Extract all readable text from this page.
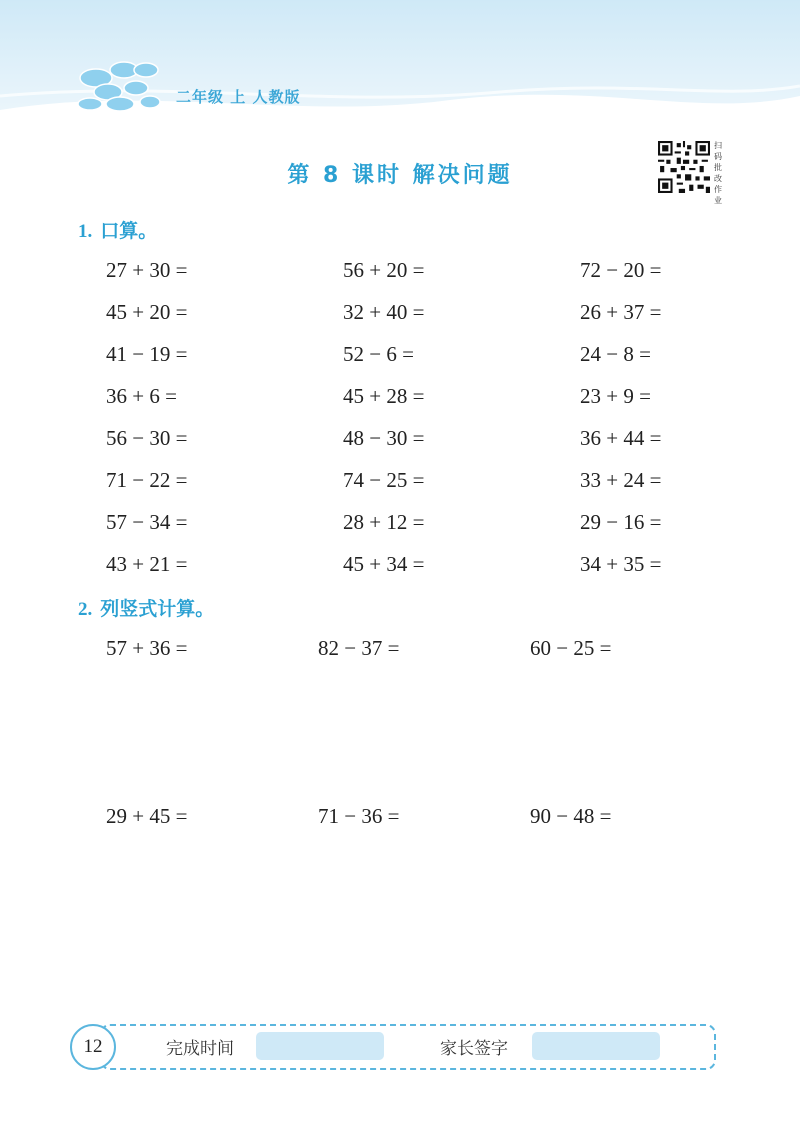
二年级 上 人教版
第 8 课时 解决问题
扫码批改作业
1. 口算。
27 + 30 =	56 + 20 =	72 − 20 =
45 + 20 =	32 + 40 =	26 + 37 =
41 − 19 =	52 − 6 =	24 − 8 =
36 + 6 =	45 + 28 =	23 + 9 =
56 − 30 =	48 − 30 =	36 + 44 =
71 − 22 =	74 − 25 =	33 + 24 =
57 − 34 =	28 + 12 =	29 − 16 =
43 + 21 =	45 + 34 =	34 + 35 =
2. 列竖式计算。
57 + 36 =	82 − 37 =	60 − 25 =
29 + 45 =	71 − 36 =	90 − 48 =
12	完成时间	家长签字
